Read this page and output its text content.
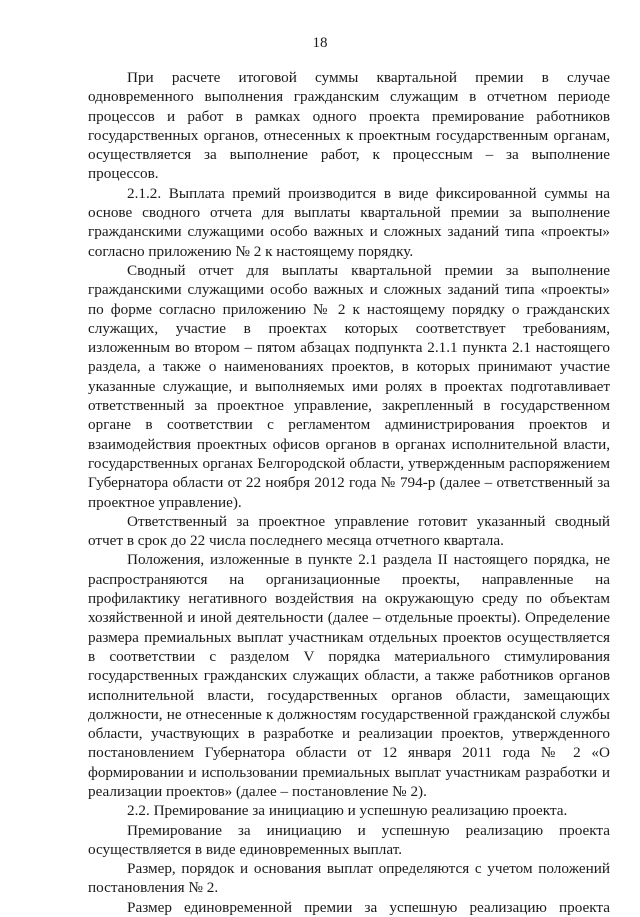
18

При расчете итоговой суммы квартальной премии в случае одновременного выполнения гражданским служащим в отчетном периоде процессов и работ в рамках одного проекта премирование работников государственных органов, отнесенных к проектным государственным органам, осуществляется за выполнение работ, к процессным – за выполнение процессов.

2.1.2. Выплата премий производится в виде фиксированной суммы на основе сводного отчета для выплаты квартальной премии за выполнение гражданскими служащими особо важных и сложных заданий типа «проекты» согласно приложению № 2 к настоящему порядку.

Сводный отчет для выплаты квартальной премии за выполнение гражданскими служащими особо важных и сложных заданий типа «проекты» по форме согласно приложению № 2 к настоящему порядку о гражданских служащих, участие в проектах которых соответствует требованиям, изложенным во втором – пятом абзацах подпункта 2.1.1 пункта 2.1 настоящего раздела, а также о наименованиях проектов, в которых принимают участие указанные служащие, и выполняемых ими ролях в проектах подготавливает ответственный за проектное управление, закрепленный в государственном органе в соответствии с регламентом администрирования проектов и взаимодействия проектных офисов органов в органах исполнительной власти, государственных органах Белгородской области, утвержденным распоряжением Губернатора области от 22 ноября 2012 года № 794-р (далее – ответственный за проектное управление).

Ответственный за проектное управление готовит указанный сводный отчет в срок до 22 числа последнего месяца отчетного квартала.

Положения, изложенные в пункте 2.1 раздела II настоящего порядка, не распространяются на организационные проекты, направленные на профилактику негативного воздействия на окружающую среду по объектам хозяйственной и иной деятельности (далее – отдельные проекты). Определение размера премиальных выплат участникам отдельных проектов осуществляется в соответствии с разделом V порядка материального стимулирования государственных гражданских служащих области, а также работников органов исполнительной власти, государственных органов области, замещающих должности, не отнесенные к должностям государственной гражданской службы области, участвующих в разработке и реализации проектов, утвержденного постановлением Губернатора области от 12 января 2011 года № 2 «О формировании и использовании премиальных выплат участникам разработки и реализации проектов» (далее – постановление № 2).

2.2. Премирование за инициацию и успешную реализацию проекта.

Премирование за инициацию и успешную реализацию проекта осуществляется в виде единовременных выплат.

Размер, порядок и основания выплат определяются с учетом положений постановления № 2.

Размер единовременной премии за успешную реализацию проекта
